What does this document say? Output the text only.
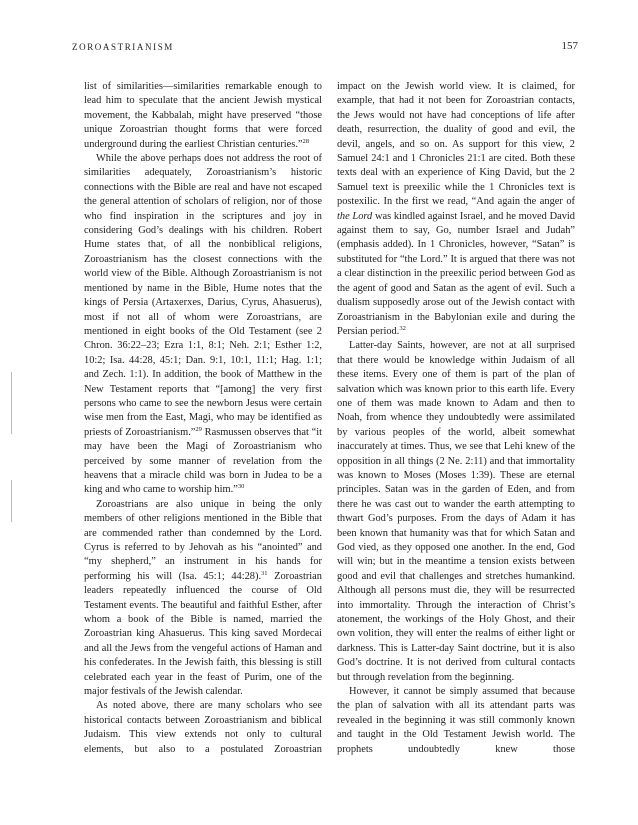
ZOROASTRIANISM	157

list of similarities—similarities remarkable enough to lead him to speculate that the ancient Jewish mystical movement, the Kabbalah, might have preserved “those unique Zoroastrian thought forms that were forced underground during the earliest Christian centuries.”$^{28}$

While the above perhaps does not address the root of similarities adequately, Zoroastrianism’s historic connections with the Bible are real and have not escaped the general attention of scholars of religion, nor of those who find inspiration in the scriptures and joy in considering God’s dealings with his children. Robert Hume states that, of all the nonbiblical religions, Zoroastrianism has the closest connections with the world view of the Bible. Although Zoroastrianism is not mentioned by name in the Bible, Hume notes that the kings of Persia (Artaxerxes, Darius, Cyrus, Ahasuerus), most if not all of whom were Zoroastrians, are mentioned in eight books of the Old Testament (see 2 Chron. 36:22–23; Ezra 1:1, 8:1; Neh. 2:1; Esther 1:2, 10:2; Isa. 44:28, 45:1; Dan. 9:1, 10:1, 11:1; Hag. 1:1; and Zech. 1:1). In addition, the book of Matthew in the New Testament reports that “[among] the very first persons who came to see the newborn Jesus were certain wise men from the East, Magi, who may be identified as priests of Zoroastrianism.”$^{29}$ Rasmussen observes that “it may have been the Magi of Zoroastrianism who perceived by some manner of revelation from the heavens that a miracle child was born in Judea to be a king and who came to worship him.”$^{30}$

Zoroastrians are also unique in being the only members of other religions mentioned in the Bible that are commended rather than condemned by the Lord. Cyrus is referred to by Jehovah as his “anointed” and “my shepherd,” an instrument in his hands for performing his will (Isa. 45:1; 44:28).$^{31}$ Zoroastrian leaders repeatedly influenced the course of Old Testament events. The beautiful and faithful Esther, after whom a book of the Bible is named, married the Zoroastrian king Ahasuerus. This king saved Mordecai and all the Jews from the vengeful actions of Haman and his confederates. In the Jewish faith, this blessing is still celebrated each year in the feast of Purim, one of the major festivals of the Jewish calendar.

As noted above, there are many scholars who see historical contacts between Zoroastrianism and biblical Judaism. This view extends not only to cultural elements, but also to a postulated Zoroastrian

impact on the Jewish world view. It is claimed, for example, that had it not been for Zoroastrian contacts, the Jews would not have had conceptions of life after death, resurrection, the duality of good and evil, the devil, angels, and so on. As support for this view, 2 Samuel 24:1 and 1 Chronicles 21:1 are cited. Both these texts deal with an experience of King David, but the 2 Samuel text is preexilic while the 1 Chronicles text is postexilic. In the first we read, “And again the anger of the Lord was kindled against Israel, and he moved David against them to say, Go, number Israel and Judah” (emphasis added). In 1 Chronicles, however, “Satan” is substituted for “the Lord.” It is argued that there was not a clear distinction in the preexilic period between God as the agent of good and Satan as the agent of evil. Such a dualism supposedly arose out of the Jewish contact with Zoroastrianism in the Babylonian exile and during the Persian period.$^{32}$

Latter-day Saints, however, are not at all surprised that there would be knowledge within Judaism of all these items. Every one of them is part of the plan of salvation which was known prior to this earth life. Every one of them was made known to Adam and then to Noah, from whence they undoubtedly were assimilated by various peoples of the world, albeit somewhat inaccurately at times. Thus, we see that Lehi knew of the opposition in all things (2 Ne. 2:11) and that immortality was known to Moses (Moses 1:39). These are eternal principles. Satan was in the garden of Eden, and from there he was cast out to wander the earth attempting to thwart God’s purposes. From the days of Adam it has been known that humanity was that for which Satan and God vied, as they opposed one another. In the end, God will win; but in the meantime a tension exists between good and evil that challenges and stretches humankind. Although all persons must die, they will be resurrected into immortality. Through the interaction of Christ’s atonement, the workings of the Holy Ghost, and their own volition, they will enter the realms of either light or darkness. This is Latter-day Saint doctrine, but it is also God’s doctrine. It is not derived from cultural contacts but through revelation from the beginning.

However, it cannot be simply assumed that because the plan of salvation with all its attendant parts was revealed in the beginning it was still commonly known and taught in the Old Testament Jewish world. The prophets undoubtedly knew those
